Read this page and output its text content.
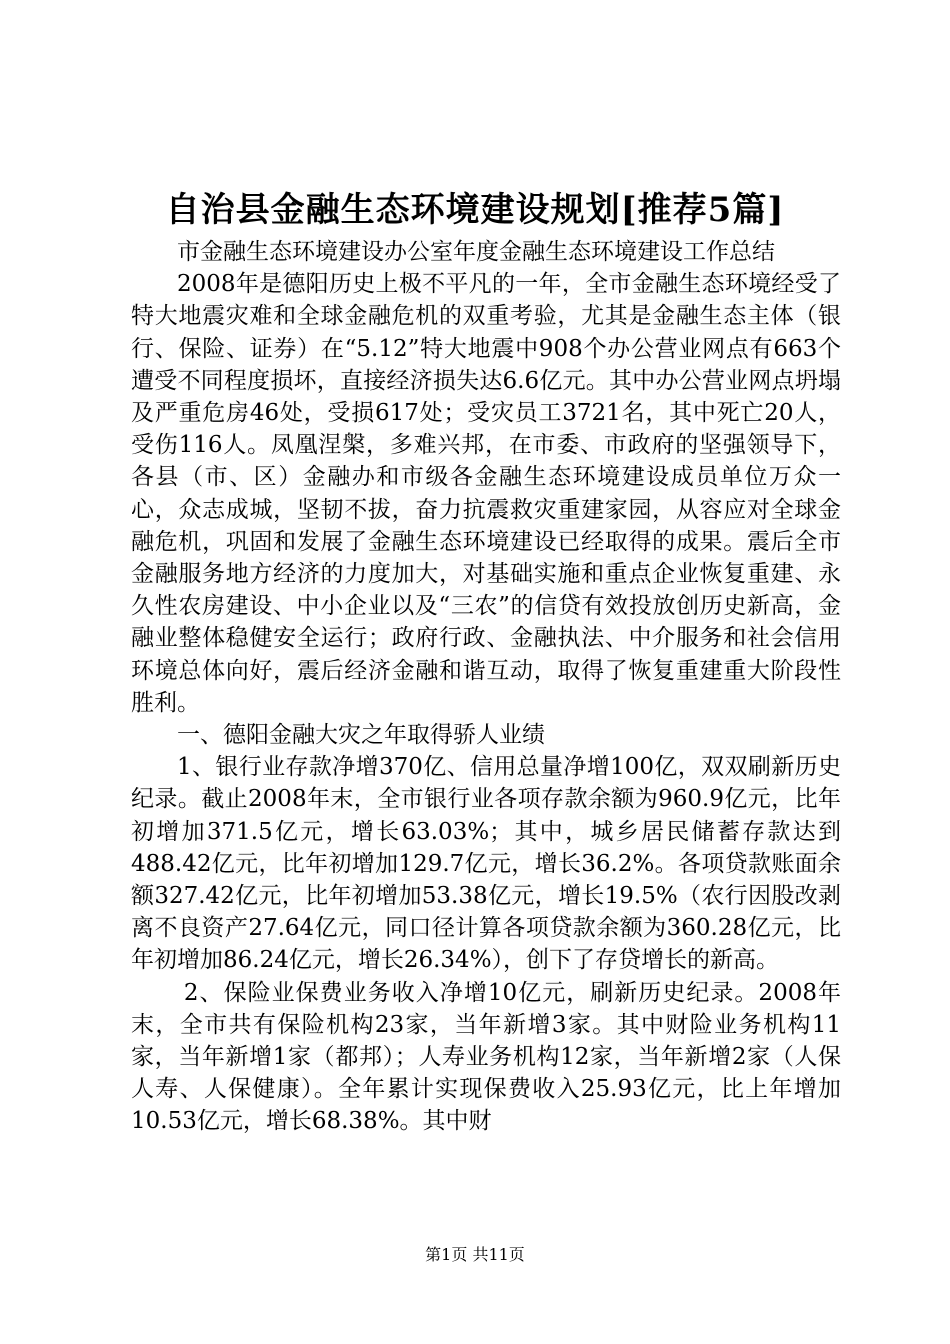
自治县金融生态环境建设规划[推荐5篇]

市金融生态环境建设办公室年度金融生态环境建设工作总结

2008年是德阳历史上极不平凡的一年，全市金融生态环境经受了特大地震灾难和全球金融危机的双重考验，尤其是金融生态主体（银行、保险、证券）在“5.12”特大地震中908个办公营业网点有663个遭受不同程度损坏，直接经济损失达6.6亿元。其中办公营业网点坍塌及严重危房46处，受损617处；受灾员工3721名，其中死亡20人，受伤116人。凤凰涅槃，多难兴邦，在市委、市政府的坚强领导下，各县（市、区）金融办和市级各金融生态环境建设成员单位万众一心，众志成城，坚韧不拔，奋力抗震救灾重建家园，从容应对全球金融危机，巩固和发展了金融生态环境建设已经取得的成果。震后全市金融服务地方经济的力度加大，对基础实施和重点企业恢复重建、永久性农房建设、中小企业以及“三农”的信贷有效投放创历史新高，金融业整体稳健安全运行；政府行政、金融执法、中介服务和社会信用环境总体向好，震后经济金融和谐互动，取得了恢复重建重大阶段性胜利。

一、德阳金融大灾之年取得骄人业绩

1、银行业存款净增370亿、信用总量净增100亿，双双刷新历史纪录。截止2008年末，全市银行业各项存款余额为960.9亿元，比年初增加371.5亿元，增长63.03%；其中，城乡居民储蓄存款达到488.42亿元，比年初增加129.7亿元，增长36.2%。各项贷款账面余额327.42亿元，比年初增加53.38亿元，增长19.5%（农行因股改剥离不良资产27.64亿元，同口径计算各项贷款余额为360.28亿元，比年初增加86.24亿元，增长26.34%），创下了存贷增长的新高。

2、保险业保费业务收入净增10亿元，刷新历史纪录。2008年末，全市共有保险机构23家，当年新增3家。其中财险业务机构11家，当年新增1家（都邦）；人寿业务机构12家，当年新增2家（人保人寿、人保健康）。全年累计实现保费收入25.93亿元，比上年增加10.53亿元，增长68.38%。其中财

第1页 共11页
